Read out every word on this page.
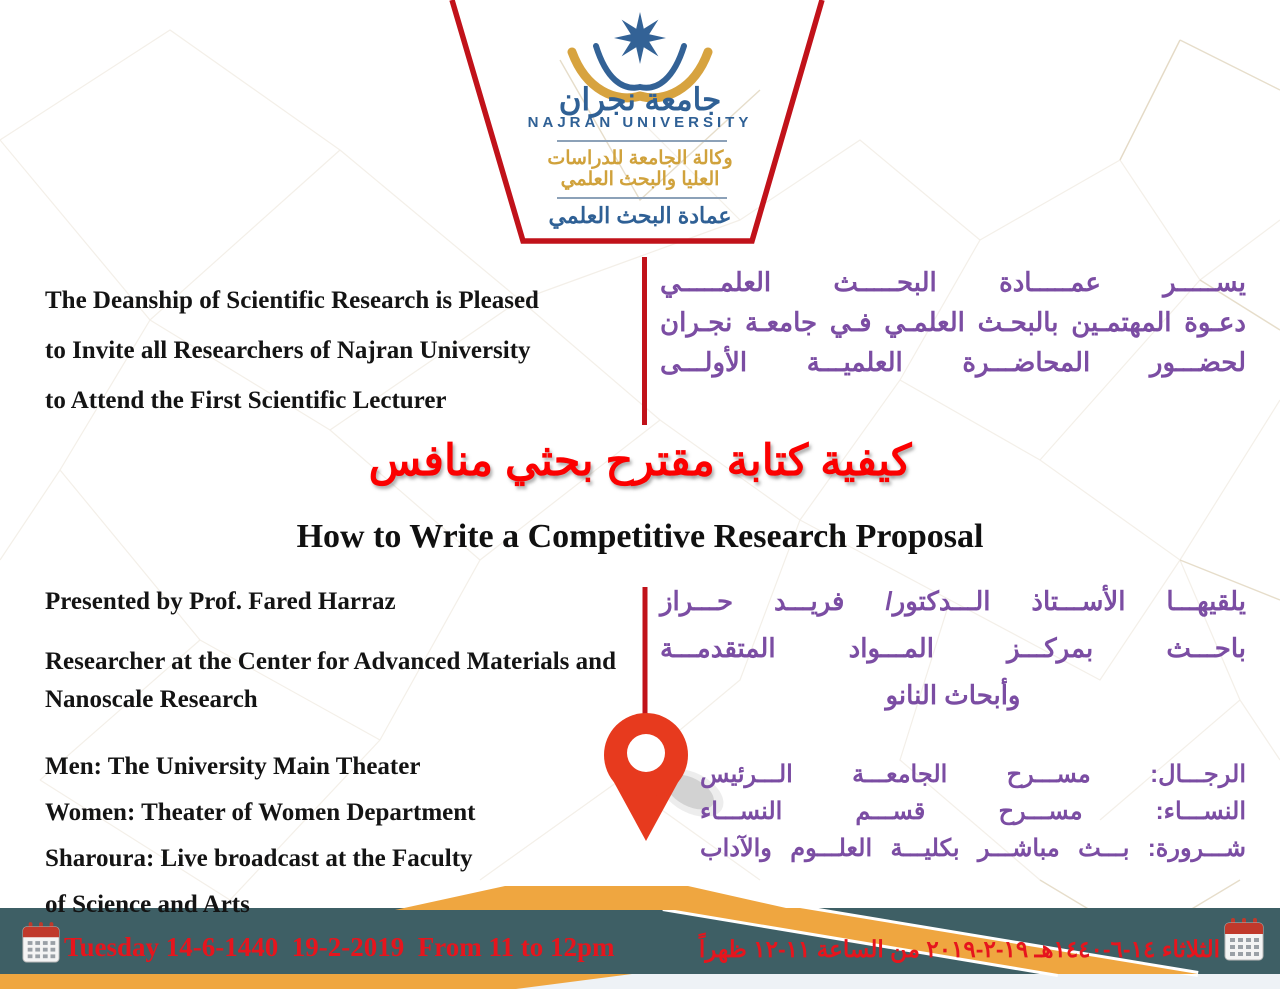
جامعة نجران
NAJRAN UNIVERSITY
وكالة الجامعة للدراسات
العليا والبحث العلمي
عمادة البحث العلمي
The Deanship of Scientific Research is Pleased
to Invite all Researchers of Najran University
to Attend the First Scientific Lecturer
يســـــر عمـــــادة البحـــــث العلمـــــي
دعـوة المهتمـين بالبحـث العلمـي فـي جامعـة نجـران
لحضـــور المحاضـــرة العلميـــة الأولـــى
كيفية كتابة مقترح بحثي منافس
How to Write a Competitive Research Proposal
Presented by Prof. Fared Harraz
Researcher at the Center for Advanced Materials and Nanoscale Research
يلقيهـــا الأســـتاذ الـــدكتور/ فريـــد حـــراز
باحـــث بمركـــز المـــواد المتقدمـــة
وأبحاث النانو
Men: The University Main Theater
Women: Theater of Women Department
Sharoura: Live broadcast at the Faculty
of Science and Arts
الرجـــال: مســـرح الجامعـــة الـــرئيس
النســـاء: مســـرح قســـم النســـاء
شـــرورة: بـــث مباشـــر بكليـــة العلـــوم والآداب
Tuesday 14-6-1440  19-2-2019  From 11 to 12pm	الثلاثاء ١٤-٦-١٤٤٠هـ ١٩-٢-٢٠١٩ من الساعة ١١-١٢ ظهراً
